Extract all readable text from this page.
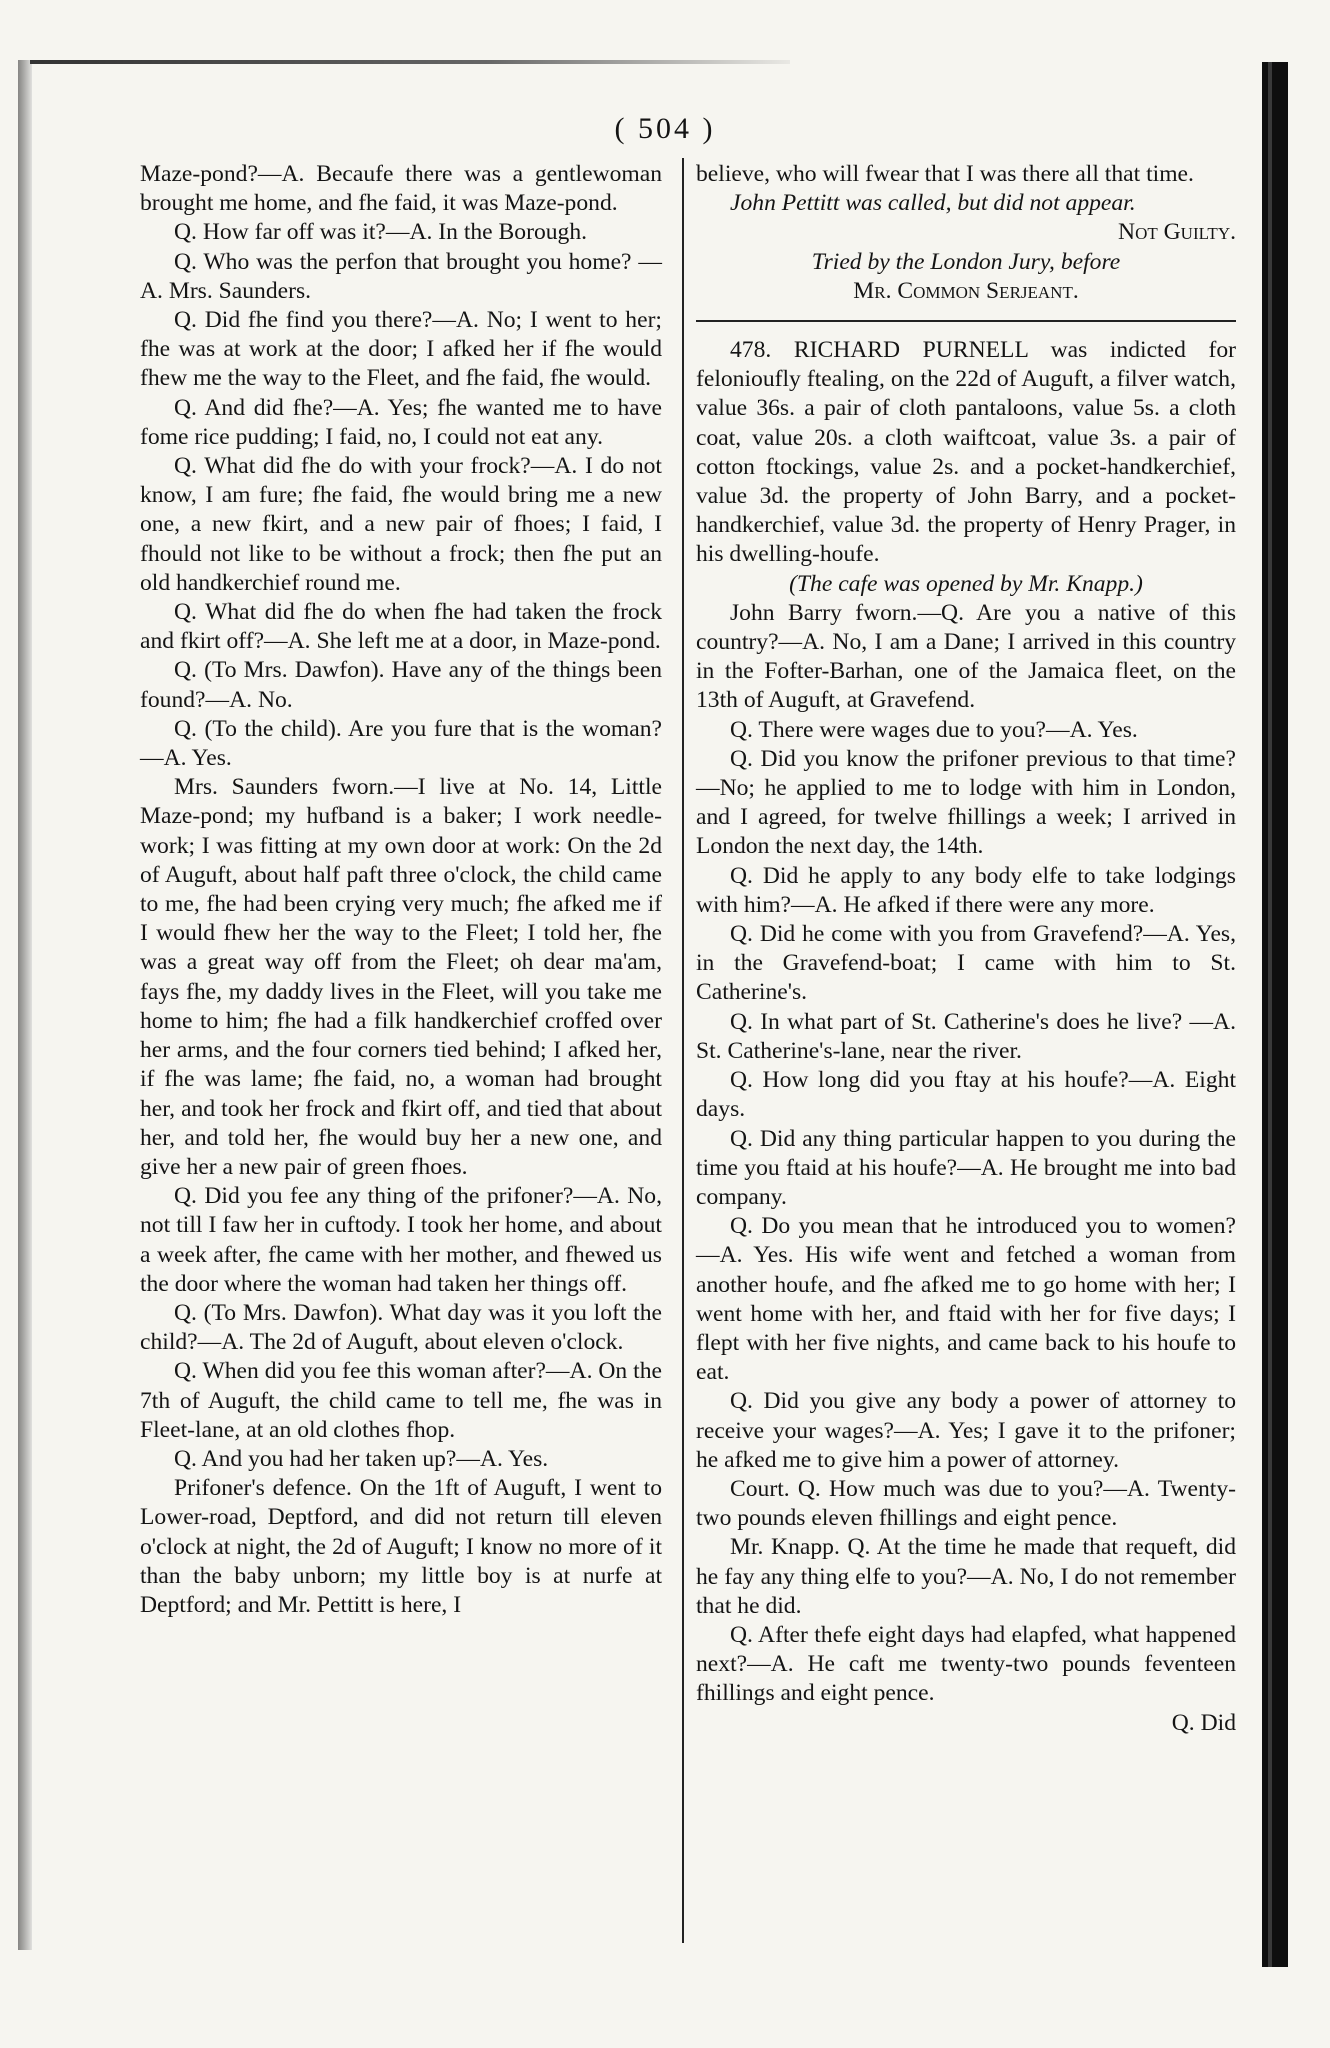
( 504 )

Maze-pond?—A. Becaufe there was a gentlewoman brought me home, and fhe faid, it was Maze-pond.

Q. How far off was it?—A. In the Borough.

Q. Who was the perfon that brought you home? —A. Mrs. Saunders.

Q. Did fhe find you there?—A. No; I went to her; fhe was at work at the door; I afked her if fhe would fhew me the way to the Fleet, and fhe faid, fhe would.

Q. And did fhe?—A. Yes; fhe wanted me to have fome rice pudding; I faid, no, I could not eat any.

Q. What did fhe do with your frock?—A. I do not know, I am fure; fhe faid, fhe would bring me a new one, a new fkirt, and a new pair of fhoes; I faid, I fhould not like to be without a frock; then fhe put an old handkerchief round me.

Q. What did fhe do when fhe had taken the frock and fkirt off?—A. She left me at a door, in Maze-pond.

Q. (To Mrs. Dawfon). Have any of the things been found?—A. No.

Q. (To the child). Are you fure that is the woman?—A. Yes.

Mrs. Saunders fworn.—I live at No. 14, Little Maze-pond; my hufband is a baker; I work needle-work; I was fitting at my own door at work: On the 2d of Auguft, about half paft three o'clock, the child came to me, fhe had been crying very much; fhe afked me if I would fhew her the way to the Fleet; I told her, fhe was a great way off from the Fleet; oh dear ma'am, fays fhe, my daddy lives in the Fleet, will you take me home to him; fhe had a filk handkerchief croffed over her arms, and the four corners tied behind; I afked her, if fhe was lame; fhe faid, no, a woman had brought her, and took her frock and fkirt off, and tied that about her, and told her, fhe would buy her a new one, and give her a new pair of green fhoes.

Q. Did you fee any thing of the prifoner?—A. No, not till I faw her in cuftody. I took her home, and about a week after, fhe came with her mother, and fhewed us the door where the woman had taken her things off.

Q. (To Mrs. Dawfon). What day was it you loft the child?—A. The 2d of Auguft, about eleven o'clock.

Q. When did you fee this woman after?—A. On the 7th of Auguft, the child came to tell me, fhe was in Fleet-lane, at an old clothes fhop.

Q. And you had her taken up?—A. Yes.

Prifoner's defence. On the 1ft of Auguft, I went to Lower-road, Deptford, and did not return till eleven o'clock at night, the 2d of Auguft; I know no more of it than the baby unborn; my little boy is at nurfe at Deptford; and Mr. Pettitt is here, I

believe, who will fwear that I was there all that time.

John Pettitt was called, but did not appear.

Not Guilty.

Tried by the London Jury, before

Mr. Common Serjeant.

478. RICHARD PURNELL was indicted for felonioufly ftealing, on the 22d of Auguft, a filver watch, value 36s. a pair of cloth pantaloons, value 5s. a cloth coat, value 20s. a cloth waiftcoat, value 3s. a pair of cotton ftockings, value 2s. and a pocket-handkerchief, value 3d. the property of John Barry, and a pocket-handkerchief, value 3d. the property of Henry Prager, in his dwelling-houfe.

(The cafe was opened by Mr. Knapp.)

John Barry fworn.—Q. Are you a native of this country?—A. No, I am a Dane; I arrived in this country in the Fofter-Barhan, one of the Jamaica fleet, on the 13th of Auguft, at Gravefend.

Q. There were wages due to you?—A. Yes.

Q. Did you know the prifoner previous to that time?—No; he applied to me to lodge with him in London, and I agreed, for twelve fhillings a week; I arrived in London the next day, the 14th.

Q. Did he apply to any body elfe to take lodgings with him?—A. He afked if there were any more.

Q. Did he come with you from Gravefend?—A. Yes, in the Gravefend-boat; I came with him to St. Catherine's.

Q. In what part of St. Catherine's does he live? —A. St. Catherine's-lane, near the river.

Q. How long did you ftay at his houfe?—A. Eight days.

Q. Did any thing particular happen to you during the time you ftaid at his houfe?—A. He brought me into bad company.

Q. Do you mean that he introduced you to women?—A. Yes. His wife went and fetched a woman from another houfe, and fhe afked me to go home with her; I went home with her, and ftaid with her for five days; I flept with her five nights, and came back to his houfe to eat.

Q. Did you give any body a power of attorney to receive your wages?—A. Yes; I gave it to the prifoner; he afked me to give him a power of attorney.

Court. Q. How much was due to you?—A. Twenty-two pounds eleven fhillings and eight pence.

Mr. Knapp. Q. At the time he made that requeft, did he fay any thing elfe to you?—A. No, I do not remember that he did.

Q. After thefe eight days had elapfed, what happened next?—A. He caft me twenty-two pounds feventeen fhillings and eight pence.

Q. Did
